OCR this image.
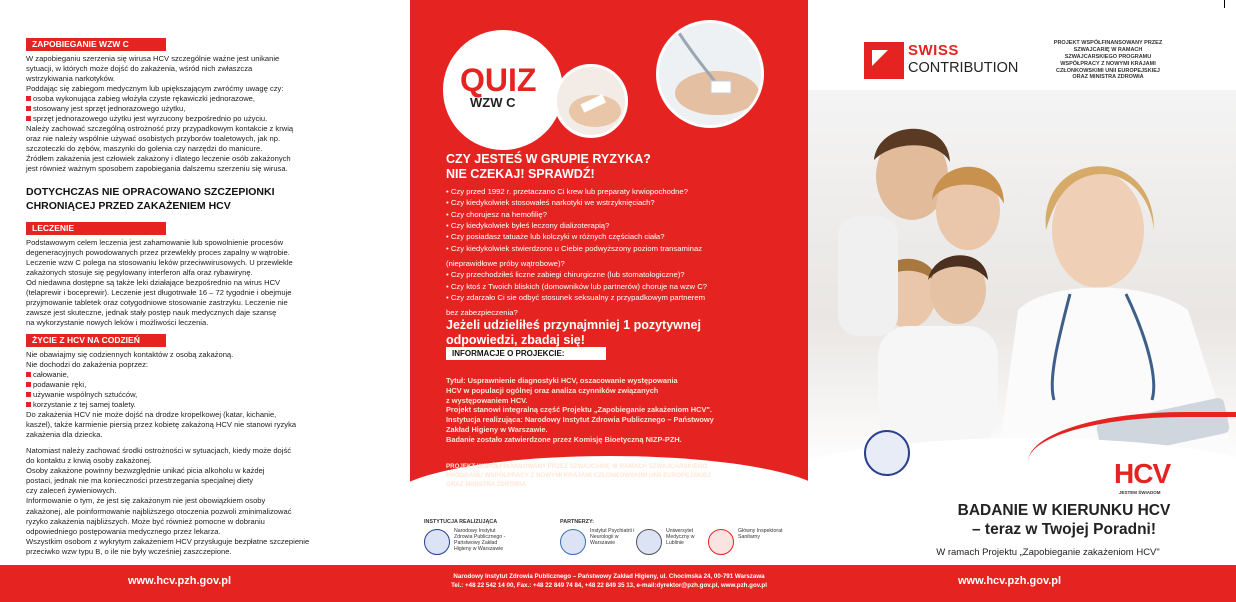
ZAPOBIEGANIE WZW C
W zapobieganiu szerzenia się wirusa HCV szczególnie ważne jest unikanie
sytuacji, w których może dojść do zakażenia, wśród nich zwłaszcza
wstrzykiwania narkotyków.
Poddając się zabiegom medycznym lub upiększającym zwróćmy uwagę czy:
osoba wykonująca zabieg włożyła czyste rękawiczki jednorazowe,
stosowany jest sprzęt jednorazowego użytku,
sprzęt jednorazowego użytku jest wyrzucony bezpośrednio po użyciu.
Należy zachować szczególną ostrożność przy przypadkowym kontakcie z krwią
oraz nie należy wspólnie używać osobistych przyborów toaletowych, jak np.
szczoteczki do zębów, maszynki do golenia czy narzędzi do manicure.
Źródłem zakażenia jest człowiek zakażony i dlatego leczenie osób zakażonych
jest również ważnym sposobem zapobiegania dalszemu szerzeniu się wirusa.
DOTYCHCZAS NIE OPRACOWANO SZCZEPIONKI
CHRONIĄCEJ PRZED ZAKAŻENIEM HCV
LECZENIE
Podstawowym celem leczenia jest zahamowanie lub spowolnienie procesów
degeneracyjnych powodowanych przez przewlekły proces zapalny w wątrobie.
Leczenie wzw C polega na stosowaniu leków przeciwwirusowych. U przewlekle
zakażonych stosuje się pegylowany interferon alfa oraz rybawirynę.
Od niedawna dostępne są także leki działające bezpośrednio na wirus HCV
(telaprewir i boceprewir). Leczenie jest długotrwałe 16 – 72 tygodnie i obejmuje
przyjmowanie tabletek oraz cotygodniowe stosowanie zastrzyku. Leczenie nie
zawsze jest skuteczne, jednak stały postęp nauk medycznych daje szansę
na wykorzystanie nowych leków i możliwości leczenia.
ŻYCIE Z HCV NA CODZIEŃ
Nie obawiajmy się codziennych kontaktów z osobą zakażoną.
Nie dochodzi do zakażenia poprzez:
całowanie,
podawanie ręki,
używanie wspólnych sztućców,
korzystanie z tej samej toalety.
Do zakażenia HCV nie może dojść na drodze kropelkowej (katar, kichanie,
kaszel), także karmienie piersią przez kobietę zakażoną HCV nie stanowi ryzyka
zakażenia dla dziecka.
Natomiast należy zachować środki ostrożności w sytuacjach, kiedy może dojść
do kontaktu z krwią osoby zakażonej.
Osoby zakażone powinny bezwzględnie unikać picia alkoholu w każdej
postaci, jednak nie ma konieczności przestrzegania specjalnej diety
czy zaleceń żywieniowych.
Informowanie o tym, że jest się zakażonym nie jest obowiązkiem osoby
zakażonej, ale poinformowanie najbliższego otoczenia pozwoli zminimalizować
ryzyko zakażenia najbliższych. Może być również pomocne w dobraniu
odpowiedniego postępowania medycznego przez lekarza.
Wszystkim osobom z wykrytym zakażeniem HCV przysługuje bezpłatne szczepienie
przeciwko wzw typu B, o ile nie były wcześniej zaszczepione.
QUIZ
WZW C
CZY JESTEŚ W GRUPIE RYZYKA?
NIE CZEKAJ! SPRAWDŹ!
• Czy przed 1992 r. przetaczano Ci krew lub preparaty krwiopochodne?
• Czy kiedykolwiek stosowałeś narkotyki we wstrzyknięciach?
• Czy chorujesz na hemofilię?
• Czy kiedykolwiek byłeś leczony dializoterapią?
• Czy posiadasz tatuaże lub kolczyki w różnych częściach ciała?
• Czy kiedykolwiek stwierdzono u Ciebie podwyższony poziom transaminaz
(nieprawidłowe próby wątrobowe)?
• Czy przechodziłeś liczne zabiegi chirurgiczne (lub stomatologiczne)?
• Czy ktoś z Twoich bliskich (domowników lub partnerów) choruje na wzw C?
• Czy zdarzało Ci sie odbyć stosunek seksualny z przypadkowym partnerem
bez zabezpieczenia?
Jeżeli udzieliłeś przynajmniej 1 pozytywnej
odpowiedzi, zbadaj się!
INFORMACJE O PROJEKCIE:
Tytuł: Usprawnienie diagnostyki HCV, oszacowanie występowania
HCV w populacji ogólnej oraz analiza czynników związanych
z występowaniem HCV.
Projekt stanowi integralną część Projektu „Zapobieganie zakażeniom HCV".
Instytucja realizująca: Narodowy Instytut Zdrowia Publicznego – Państwowy
Zakład Higieny w Warszawie.
Badanie zostało zatwierdzone przez Komisję Bioetyczną NIZP-PZH.
PROJEKT WSPÓŁFINANSOWANY PRZEZ SZWAJCARIĘ W RAMACH SZWAJCARSKIEGO
PROGRAMU WSPÓŁPRACY Z NOWYMI KRAJAMI CZŁONKOWSKIMI UNII EUROPEJSKIEJ
ORAZ MINISTRA ZDROWIA
INSTYTUCJA REALIZUJĄCA	PARTNERZY:
Narodowy Instytut Zdrowia Publicznego - Państwowy Zakład Higieny w Warszawie
Instytut Psychiatrii i Neurologii w Warszawie
Uniwersytet Medyczny w Lublinie
Główny Inspektorat Sanitarny
SWISS
CONTRIBUTION
PROJEKT WSPÓŁFINANSOWANY PRZEZ SZWAJCARIĘ W RAMACH SZWAJCARSKIEGO PROGRAMU WSPÓŁPRACY Z NOWYMI KRAJAMI CZŁONKOWSKIMI UNII EUROPEJSKIEJ ORAZ MINISTRA ZDROWIA
HCV
JESTEM ŚWIADOM
BADANIE W KIERUNKU HCV
– teraz w Twojej Poradni!
W ramach Projektu „Zapobieganie zakażeniom HCV"
www.hcv.pzh.gov.pl	Narodowy Instytut Zdrowia Publicznego – Państwowy Zakład Higieny, ul. Chocimska 24, 00-791 Warszawa
Tel.: +48 22 542 14 00, Fax.: +48 22 849 74 84, +48 22 849 35 13, e-mail:dyrektor@pzh.gov.pl, www.pzh.gov.pl	www.hcv.pzh.gov.pl
